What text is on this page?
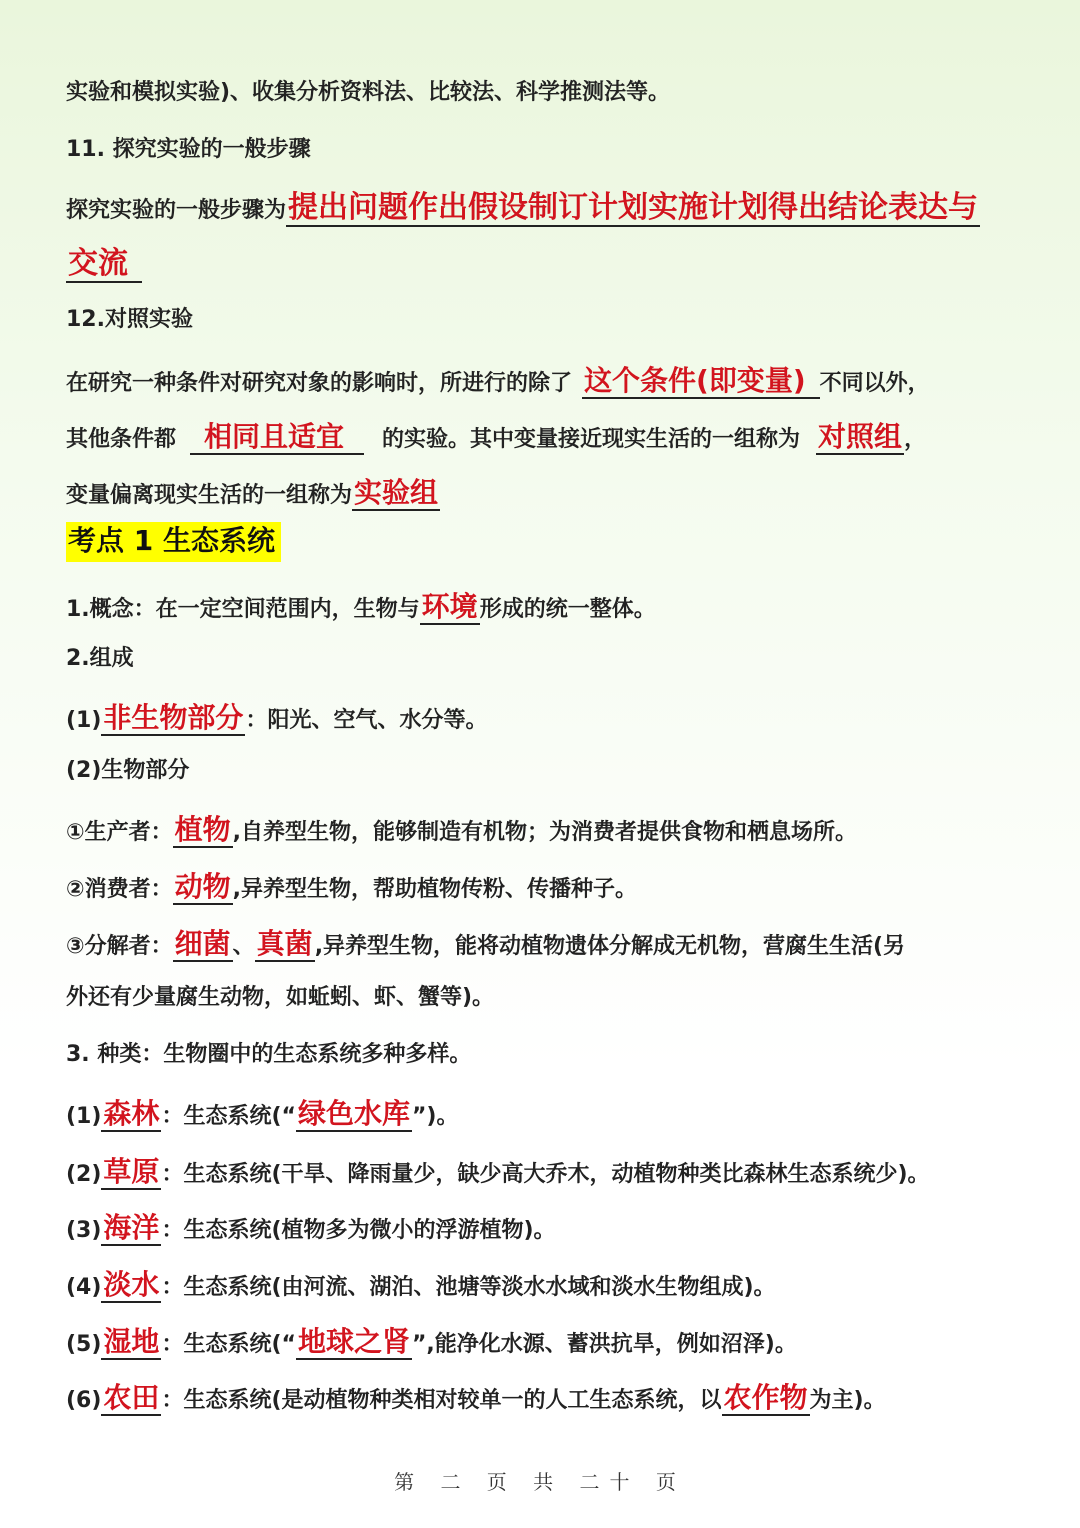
实验和模拟实验)、收集分析资料法、比较法、科学推测法等。
11. 探究实验的一般步骤
探究实验的一般步骤为提出问题作出假设制订计划实施计划得出结论表达与
交流
12.对照实验
在研究一种条件对研究对象的影响时，所进行的除了 这个条件(即变量) 不同以外，
其他条件都 相同且适宜 的实验。其中变量接近现实生活的一组称为 对照组，
变量偏离现实生活的一组称为实验组
考点 1 生态系统
1.概念：在一定空间范围内，生物与环境形成的统一整体。
2.组成
(1)非生物部分：阳光、空气、水分等。
(2)生物部分
①生产者：植物,自养型生物，能够制造有机物；为消费者提供食物和栖息场所。
②消费者：动物,异养型生物，帮助植物传粉、传播种子。
③分解者：细菌、真菌,异养型生物，能将动植物遗体分解成无机物，营腐生生活(另
外还有少量腐生动物，如蚯蚓、虾、蟹等)。
3. 种类：生物圈中的生态系统多种多样。
(1)森林：生态系统(“绿色水库”)。
(2)草原：生态系统(干旱、降雨量少，缺少高大乔木，动植物种类比森林生态系统少)。
(3)海洋：生态系统(植物多为微小的浮游植物)。
(4)淡水：生态系统(由河流、湖泊、池塘等淡水水域和淡水生物组成)。
(5)湿地：生态系统(“地球之肾”,能净化水源、蓄洪抗旱，例如沼泽)。
(6)农田：生态系统(是动植物种类相对较单一的人工生态系统，以农作物为主)。
第 二 页 共 二十 页
